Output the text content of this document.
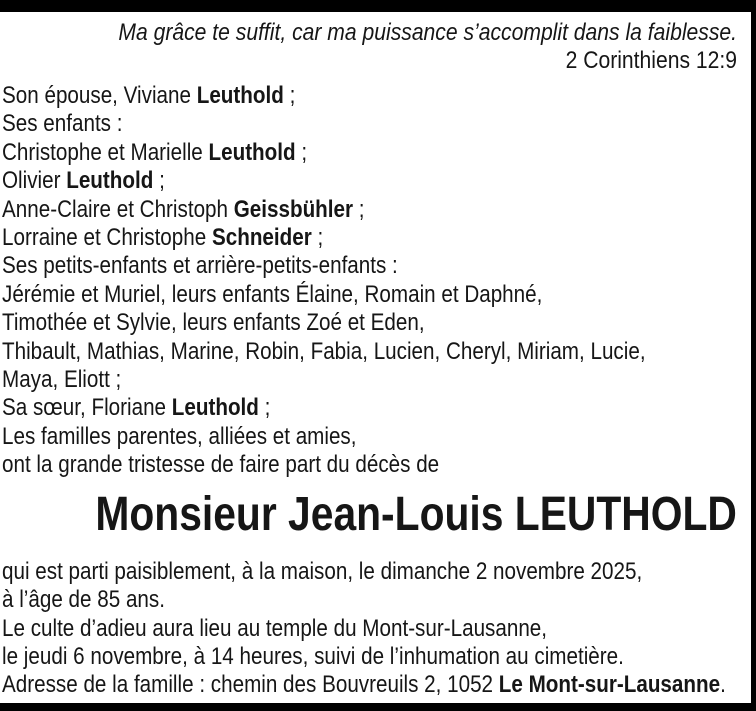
Ma grâce te suffit, car ma puissance s’accomplit dans la faiblesse.
2 Corinthiens 12:9
Son épouse, Viviane Leuthold ;
Ses enfants :
Christophe et Marielle Leuthold ;
Olivier Leuthold ;
Anne-Claire et Christoph Geissbühler ;
Lorraine et Christophe Schneider ;
Ses petits-enfants et arrière-petits-enfants :
Jérémie et Muriel, leurs enfants Élaine, Romain et Daphné,
Timothée et Sylvie, leurs enfants Zoé et Eden,
Thibault, Mathias, Marine, Robin, Fabia, Lucien, Cheryl, Miriam, Lucie,
Maya, Eliott ;
Sa sœur, Floriane Leuthold ;
Les familles parentes, alliées et amies,
ont la grande tristesse de faire part du décès de
Monsieur Jean-Louis LEUTHOLD
qui est parti paisiblement, à la maison, le dimanche 2 novembre 2025,
à l’âge de 85 ans.
Le culte d’adieu aura lieu au temple du Mont-sur-Lausanne,
le jeudi 6 novembre, à 14 heures, suivi de l’inhumation au cimetière.
Adresse de la famille : chemin des Bouvreuils 2, 1052 Le Mont-sur-Lausanne.
